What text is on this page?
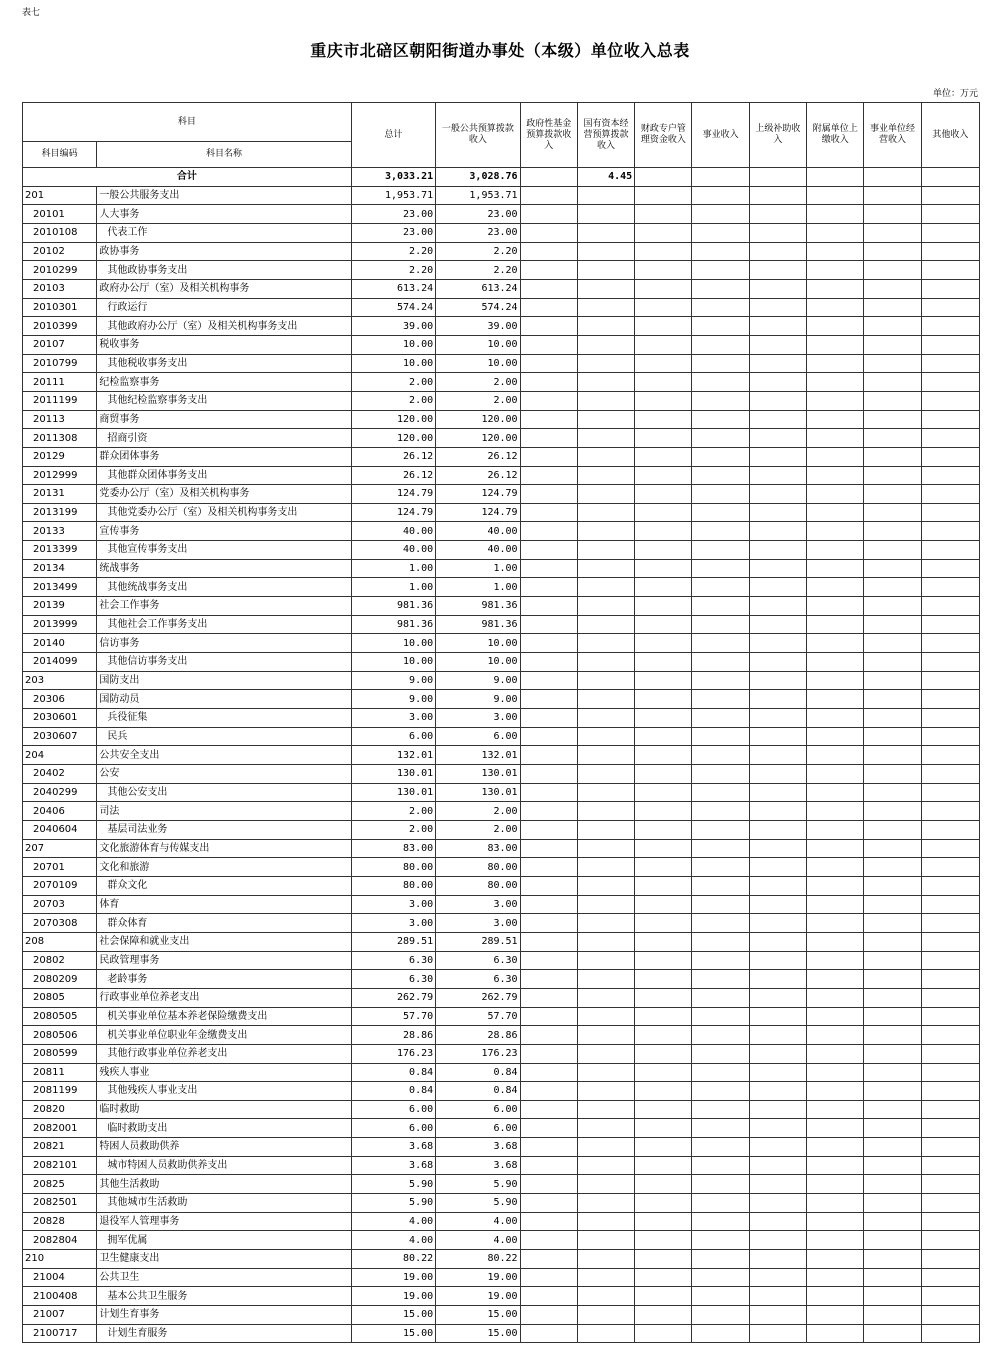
表七
重庆市北碚区朝阳街道办事处（本级）单位收入总表
单位：万元
科目		总计	一般公共预算拨款收入	政府性基金预算拨款收入	国有资本经营预算拨款收入	财政专户管理资金收入	事业收入	上级补助收入	附属单位上缴收入	事业单位经营收入	其他收入
科目编码	科目名称										
合计		3,033.21	3,028.76		4.45						
201	一般公共服务支出	1,953.71	1,953.71								
20101	人大事务	23.00	23.00								
2010108	代表工作	23.00	23.00								
20102	政协事务	2.20	2.20								
2010299	其他政协事务支出	2.20	2.20								
20103	政府办公厅（室）及相关机构事务	613.24	613.24								
2010301	行政运行	574.24	574.24								
2010399	其他政府办公厅（室）及相关机构事务支出	39.00	39.00								
20107	税收事务	10.00	10.00								
2010799	其他税收事务支出	10.00	10.00								
20111	纪检监察事务	2.00	2.00								
2011199	其他纪检监察事务支出	2.00	2.00								
20113	商贸事务	120.00	120.00								
2011308	招商引资	120.00	120.00								
20129	群众团体事务	26.12	26.12								
2012999	其他群众团体事务支出	26.12	26.12								
20131	党委办公厅（室）及相关机构事务	124.79	124.79								
2013199	其他党委办公厅（室）及相关机构事务支出	124.79	124.79								
20133	宣传事务	40.00	40.00								
2013399	其他宣传事务支出	40.00	40.00								
20134	统战事务	1.00	1.00								
2013499	其他统战事务支出	1.00	1.00								
20139	社会工作事务	981.36	981.36								
2013999	其他社会工作事务支出	981.36	981.36								
20140	信访事务	10.00	10.00								
2014099	其他信访事务支出	10.00	10.00								
203	国防支出	9.00	9.00								
20306	国防动员	9.00	9.00								
2030601	兵役征集	3.00	3.00								
2030607	民兵	6.00	6.00								
204	公共安全支出	132.01	132.01								
20402	公安	130.01	130.01								
2040299	其他公安支出	130.01	130.01								
20406	司法	2.00	2.00								
2040604	基层司法业务	2.00	2.00								
207	文化旅游体育与传媒支出	83.00	83.00								
20701	文化和旅游	80.00	80.00								
2070109	群众文化	80.00	80.00								
20703	体育	3.00	3.00								
2070308	群众体育	3.00	3.00								
208	社会保障和就业支出	289.51	289.51								
20802	民政管理事务	6.30	6.30								
2080209	老龄事务	6.30	6.30								
20805	行政事业单位养老支出	262.79	262.79								
2080505	机关事业单位基本养老保险缴费支出	57.70	57.70								
2080506	机关事业单位职业年金缴费支出	28.86	28.86								
2080599	其他行政事业单位养老支出	176.23	176.23								
20811	残疾人事业	0.84	0.84								
2081199	其他残疾人事业支出	0.84	0.84								
20820	临时救助	6.00	6.00								
2082001	临时救助支出	6.00	6.00								
20821	特困人员救助供养	3.68	3.68								
2082101	城市特困人员救助供养支出	3.68	3.68								
20825	其他生活救助	5.90	5.90								
2082501	其他城市生活救助	5.90	5.90								
20828	退役军人管理事务	4.00	4.00								
2082804	拥军优属	4.00	4.00								
210	卫生健康支出	80.22	80.22								
21004	公共卫生	19.00	19.00								
2100408	基本公共卫生服务	19.00	19.00								
21007	计划生育事务	15.00	15.00								
2100717	计划生育服务	15.00	15.00								
